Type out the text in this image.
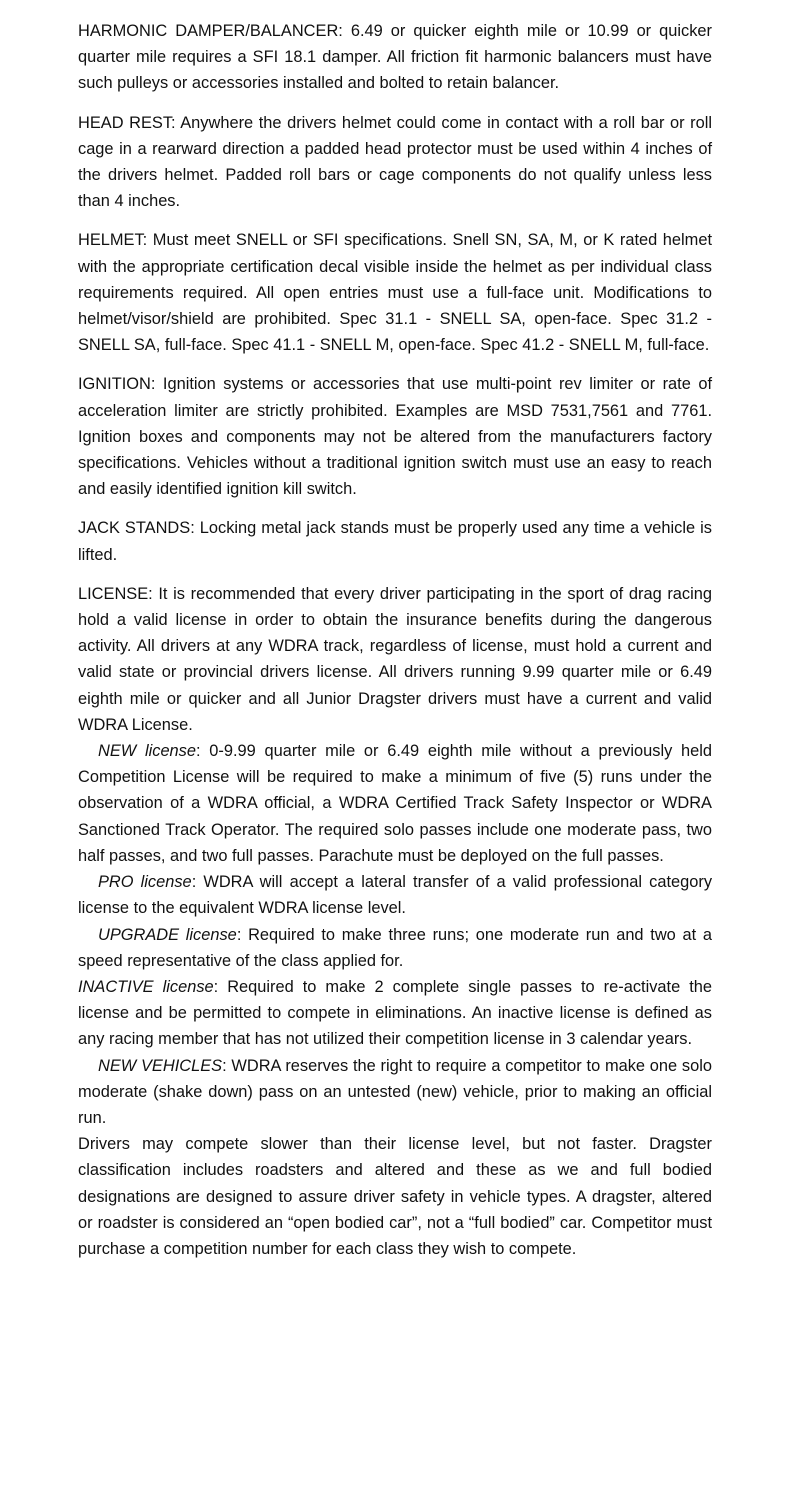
HARMONIC DAMPER/BALANCER: 6.49 or quicker eighth mile or 10.99 or quicker quarter mile requires a SFI 18.1 damper. All friction fit harmonic balancers must have such pulleys or accessories installed and bolted to retain balancer.

HEAD REST: Anywhere the drivers helmet could come in contact with a roll bar or roll cage in a rearward direction a padded head protector must be used within 4 inches of the drivers helmet. Padded roll bars or cage components do not qualify unless less than 4 inches.

HELMET: Must meet SNELL or SFI specifications. Snell SN, SA, M, or K rated helmet with the appropriate certification decal visible inside the helmet as per individual class requirements required. All open entries must use a full-face unit. Modifications to helmet/visor/shield are prohibited. Spec 31.1 - SNELL SA, open-face. Spec 31.2 - SNELL SA, full-face. Spec 41.1 - SNELL M, open-face. Spec 41.2 - SNELL M, full-face.

IGNITION: Ignition systems or accessories that use multi-point rev limiter or rate of acceleration limiter are strictly prohibited. Examples are MSD 7531,7561 and 7761. Ignition boxes and components may not be altered from the manufacturers factory specifications. Vehicles without a traditional ignition switch must use an easy to reach and easily identified ignition kill switch.

JACK STANDS: Locking metal jack stands must be properly used any time a vehicle is lifted.

LICENSE: It is recommended that every driver participating in the sport of drag racing hold a valid license in order to obtain the insurance benefits during the dangerous activity. All drivers at any WDRA track, regardless of license, must hold a current and valid state or provincial drivers license. All drivers running 9.99 quarter mile or 6.49 eighth mile or quicker and all Junior Dragster drivers must have a current and valid WDRA License.

NEW license: 0-9.99 quarter mile or 6.49 eighth mile without a previously held Competition License will be required to make a minimum of five (5) runs under the observation of a WDRA official, a WDRA Certified Track Safety Inspector or WDRA Sanctioned Track Operator. The required solo passes include one moderate pass, two half passes, and two full passes. Parachute must be deployed on the full passes.

PRO license: WDRA will accept a lateral transfer of a valid professional category license to the equivalent WDRA license level.

UPGRADE license: Required to make three runs; one moderate run and two at a speed representative of the class applied for.

INACTIVE license: Required to make 2 complete single passes to re-activate the license and be permitted to compete in eliminations. An inactive license is defined as any racing member that has not utilized their competition license in 3 calendar years.

NEW VEHICLES: WDRA reserves the right to require a competitor to make one solo moderate (shake down) pass on an untested (new) vehicle, prior to making an official run.

Drivers may compete slower than their license level, but not faster. Dragster classification includes roadsters and altered and these as we and full bodied designations are designed to assure driver safety in vehicle types. A dragster, altered or roadster is considered an “open bodied car”, not a “full bodied” car. Competitor must purchase a competition number for each class they wish to compete.
